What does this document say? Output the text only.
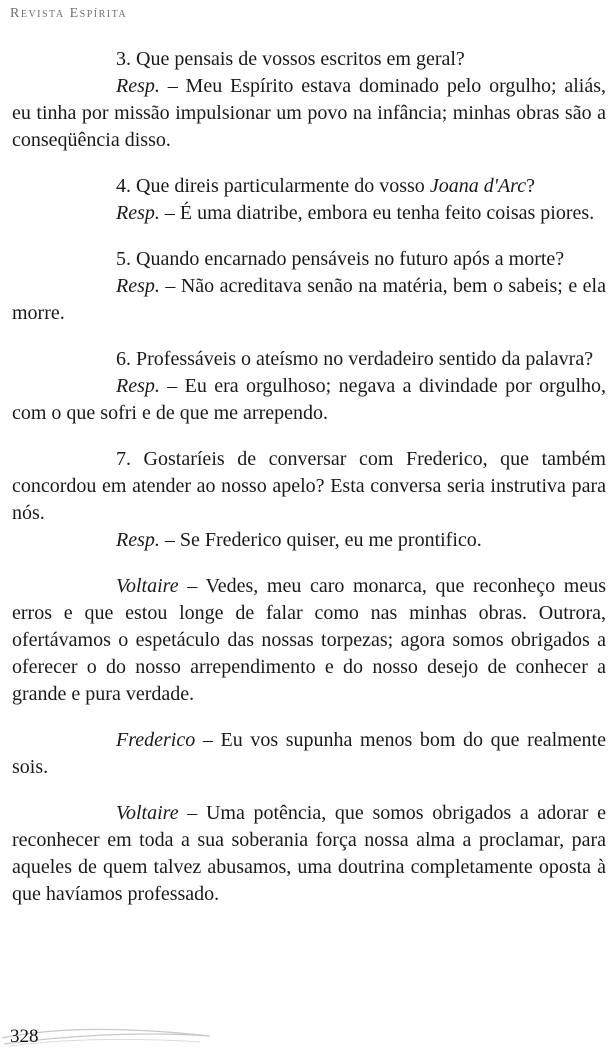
Revista Espírita

3. Que pensais de vossos escritos em geral?

Resp. – Meu Espírito estava dominado pelo orgulho; aliás, eu tinha por missão impulsionar um povo na infância; minhas obras são a conseqüência disso.

4. Que direis particularmente do vosso Joana d'Arc?

Resp. – É uma diatribe, embora eu tenha feito coisas piores.

5. Quando encarnado pensáveis no futuro após a morte?

Resp. – Não acreditava senão na matéria, bem o sabeis; e ela morre.

6. Professáveis o ateísmo no verdadeiro sentido da palavra?

Resp. – Eu era orgulhoso; negava a divindade por orgulho, com o que sofri e de que me arrependo.

7. Gostaríeis de conversar com Frederico, que também concordou em atender ao nosso apelo? Esta conversa seria instrutiva para nós.

Resp. – Se Frederico quiser, eu me prontifico.

Voltaire – Vedes, meu caro monarca, que reconheço meus erros e que estou longe de falar como nas minhas obras. Outrora, ofertávamos o espetáculo das nossas torpezas; agora somos obrigados a oferecer o do nosso arrependimento e do nosso desejo de conhecer a grande e pura verdade.

Frederico – Eu vos supunha menos bom do que realmente sois.

Voltaire – Uma potência, que somos obrigados a adorar e reconhecer em toda a sua soberania força nossa alma a proclamar, para aqueles de quem talvez abusamos, uma doutrina completamente oposta à que havíamos professado.

328
